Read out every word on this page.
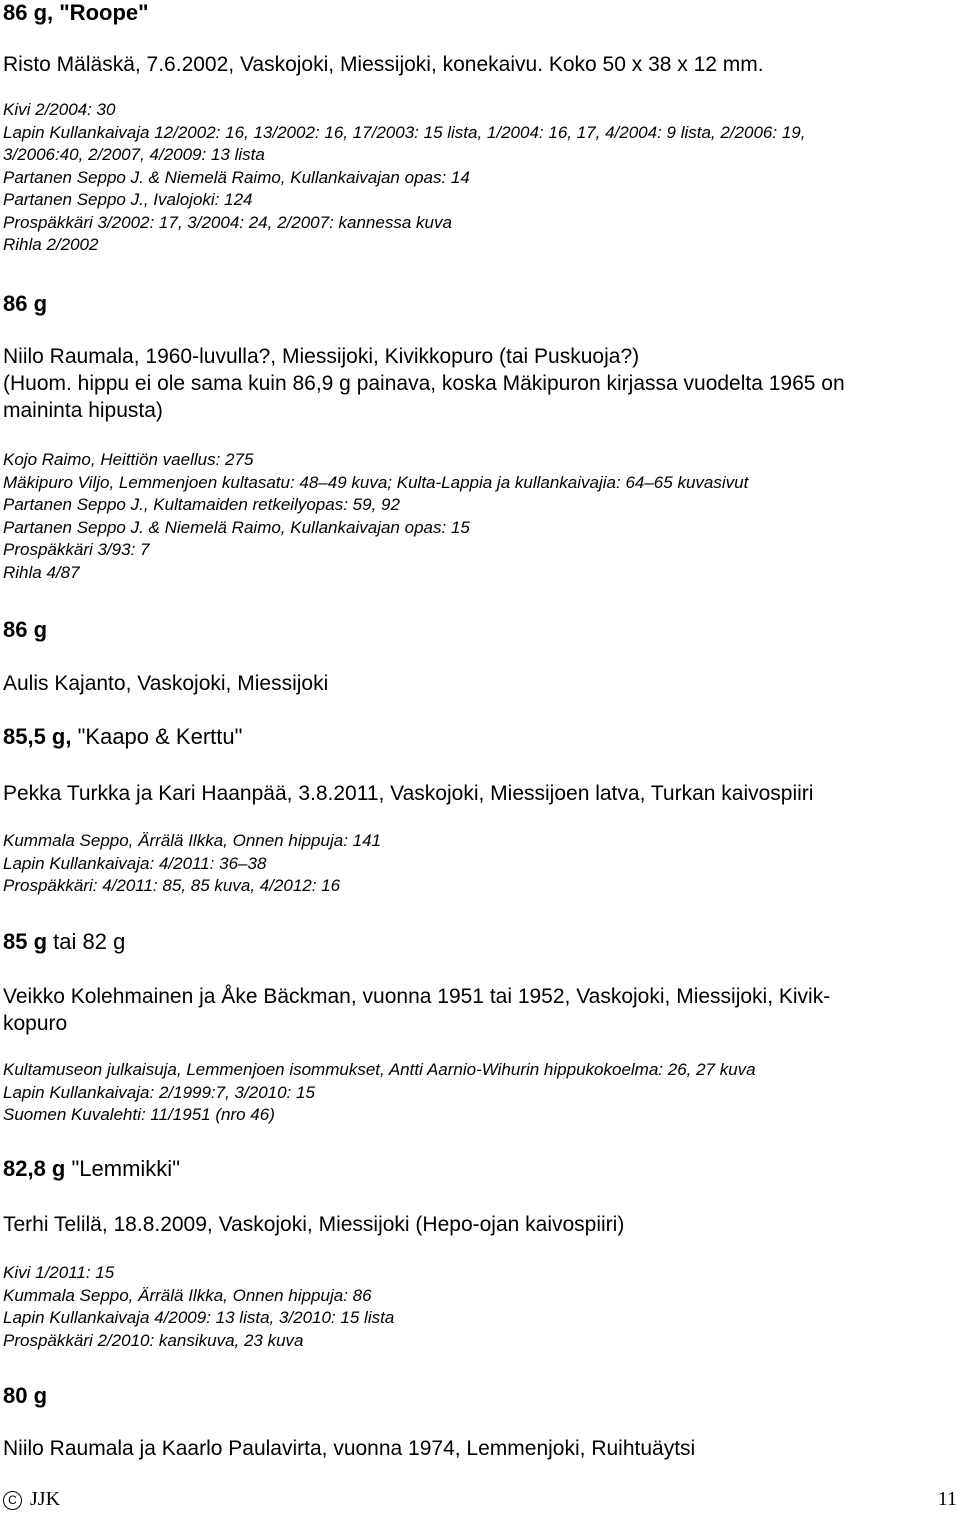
86 g, "Roope"
Risto Mäläskä, 7.6.2002, Vaskojoki, Miessijoki, konekaivu. Koko 50 x 38 x 12 mm.
Kivi 2/2004: 30
Lapin Kullankaivaja 12/2002: 16, 13/2002: 16, 17/2003: 15 lista, 1/2004: 16, 17, 4/2004: 9 lista, 2/2006: 19,
3/2006:40, 2/2007, 4/2009: 13 lista
Partanen Seppo J. & Niemelä Raimo, Kullankaivajan opas: 14
Partanen Seppo J., Ivalojoki: 124
Prospäkkäri 3/2002: 17, 3/2004: 24, 2/2007: kannessa kuva
Rihla 2/2002
86 g
Niilo Raumala, 1960-luvulla?, Miessijoki, Kivikkopuro (tai Puskuoja?)
(Huom. hippu ei ole sama kuin 86,9 g painava, koska Mäkipuron kirjassa vuodelta 1965 on
maininta hipusta)
Kojo Raimo, Heittiön vaellus: 275
Mäkipuro Viljo, Lemmenjoen kultasatu: 48–49 kuva; Kulta-Lappia ja kullankaivajia: 64–65 kuvasivut
Partanen Seppo J., Kultamaiden retkeilyopas: 59, 92
Partanen Seppo J. & Niemelä Raimo, Kullankaivajan opas: 15
Prospäkkäri 3/93: 7
Rihla 4/87
86 g
Aulis Kajanto, Vaskojoki, Miessijoki
85,5 g, "Kaapo & Kerttu"
Pekka Turkka ja Kari Haanpää, 3.8.2011, Vaskojoki, Miessijoen latva, Turkan kaivospiiri
Kummala Seppo, Ärrälä Ilkka, Onnen hippuja: 141
Lapin Kullankaivaja: 4/2011: 36–38
Prospäkkäri: 4/2011: 85, 85 kuva, 4/2012: 16
85 g tai 82 g
Veikko Kolehmainen ja Åke Bäckman, vuonna 1951 tai 1952, Vaskojoki, Miessijoki, Kivik-
kopuro
Kultamuseon julkaisuja, Lemmenjoen isommukset, Antti Aarnio-Wihurin hippukokoelma: 26, 27 kuva
Lapin Kullankaivaja: 2/1999:7, 3/2010: 15
Suomen Kuvalehti: 11/1951 (nro 46)
82,8 g "Lemmikki"
Terhi Telilä, 18.8.2009, Vaskojoki, Miessijoki (Hepo-ojan kaivospiiri)
Kivi 1/2011: 15
Kummala Seppo, Ärrälä Ilkka, Onnen hippuja: 86
Lapin Kullankaivaja 4/2009: 13 lista, 3/2010: 15 lista
Prospäkkäri 2/2010: kansikuva, 23 kuva
80 g
Niilo Raumala ja Kaarlo Paulavirta, vuonna 1974, Lemmenjoki, Ruihtuäytsi
C JJK	11
